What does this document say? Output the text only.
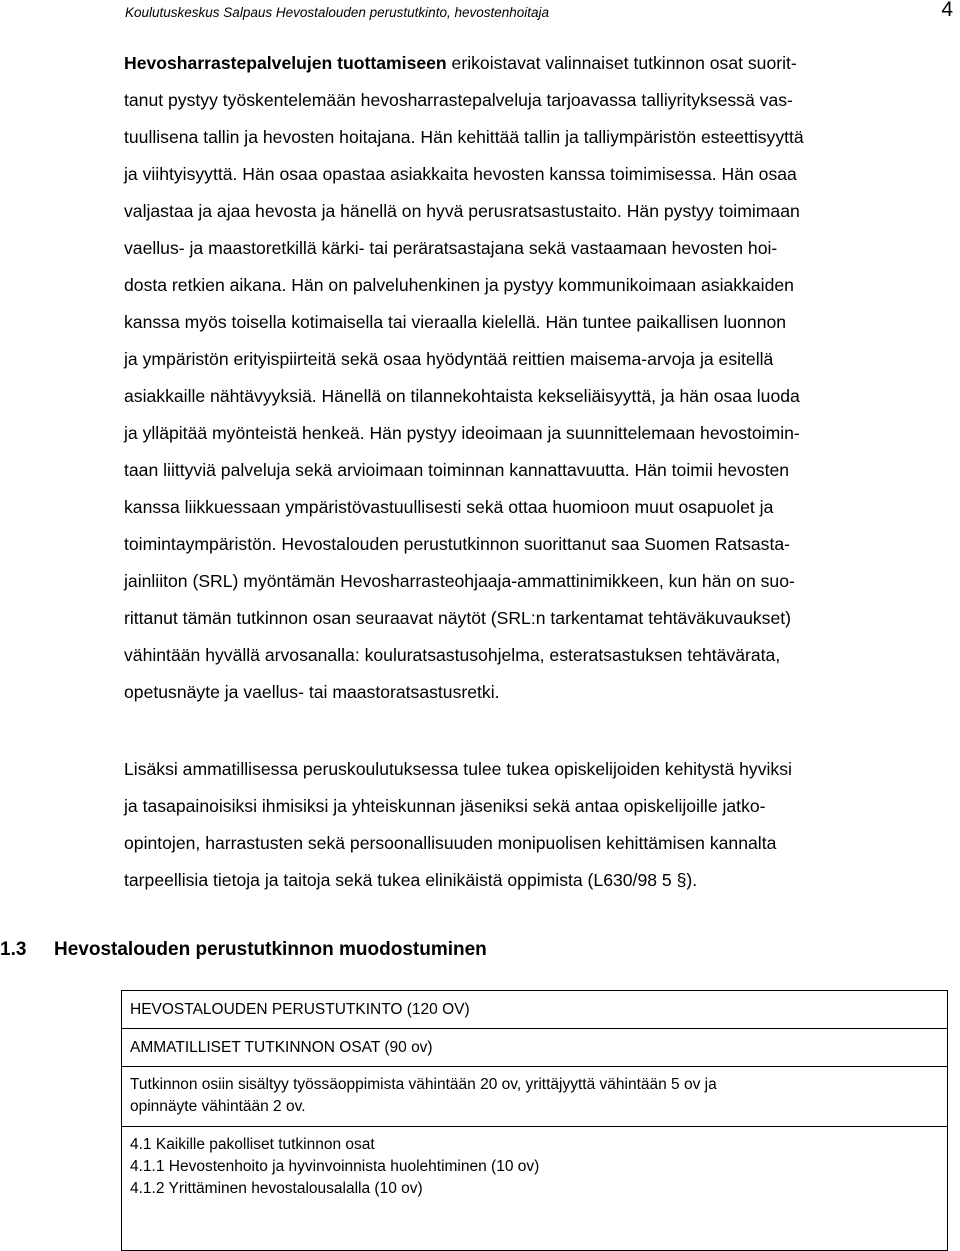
Koulutuskeskus Salpaus Hevostalouden perustutkinto, hevostenhoitaja	4
Hevosharrastepalvelujen tuottamiseen erikoistavat valinnaiset tutkinnon osat suorit-
tanut pystyy työskentelemään hevosharrastepalveluja tarjoavassa talliyrityksessä vas-
tuullisena tallin ja hevosten hoitajana. Hän kehittää tallin ja talliympäristön esteettisyyttä
ja viihtyisyyttä. Hän osaa opastaa asiakkaita hevosten kanssa toimimisessa. Hän osaa
valjastaa ja ajaa hevosta ja hänellä on hyvä perusratsastustaito. Hän pystyy toimimaan
vaellus- ja maastoretkillä kärki- tai peräratsastajana sekä vastaamaan hevosten hoi-
dosta retkien aikana. Hän on palveluhenkinen ja pystyy kommunikoimaan asiakkaiden
kanssa myös toisella kotimaisella tai vieraalla kielellä. Hän tuntee paikallisen luonnon
ja ympäristön erityispiirteitä sekä osaa hyödyntää reittien maisema-arvoja ja esitellä
asiakkaille nähtävyyksiä. Hänellä on tilannekohtaista kekseliäisyyttä, ja hän osaa luoda
ja ylläpitää myönteistä henkeä. Hän pystyy ideoimaan ja suunnittelemaan hevostoimin-
taan liittyviä palveluja sekä arvioimaan toiminnan kannattavuutta. Hän toimii hevosten
kanssa liikkuessaan ympäristövastuullisesti sekä ottaa huomioon muut osapuolet ja
toimintaympäristön. Hevostalouden perustutkinnon suorittanut saa Suomen Ratsasta-
jainliiton (SRL) myöntämän Hevosharrasteohjaaja-ammattinimikkeen, kun hän on suo-
rittanut tämän tutkinnon osan seuraavat näytöt (SRL:n tarkentamat tehtäväkuvaukset)
vähintään hyvällä arvosanalla: kouluratsastusohjelma, esteratsastuksen tehtävärata,
opetusnäyte ja vaellus- tai maastoratsastusretki.
Lisäksi ammatillisessa peruskoulutuksessa tulee tukea opiskelijoiden kehitystä hyviksi
ja tasapainoisiksi ihmisiksi ja yhteiskunnan jäseniksi sekä antaa opiskelijoille jatko-
opintojen, harrastusten sekä persoonallisuuden monipuolisen kehittämisen kannalta
tarpeellisia tietoja ja taitoja sekä tukea elinikäistä oppimista (L630/98 5 §).
1.3 Hevostalouden perustutkinnon muodostuminen
HEVOSTALOUDEN PERUSTUTKINTO (120 OV)
AMMATILLISET TUTKINNON OSAT (90 ov)

Tutkinnon osiin sisältyy työssäoppimista vähintään 20 ov, yrittäjyyttä vähintään 5 ov ja
opinnäyte vähintään 2 ov.

4.1 Kaikille pakolliset tutkinnon osat
4.1.1 Hevostenhoito ja hyvinvoinnista huolehtiminen (10 ov)
4.1.2 Yrittäminen hevostalousalalla (10 ov)
